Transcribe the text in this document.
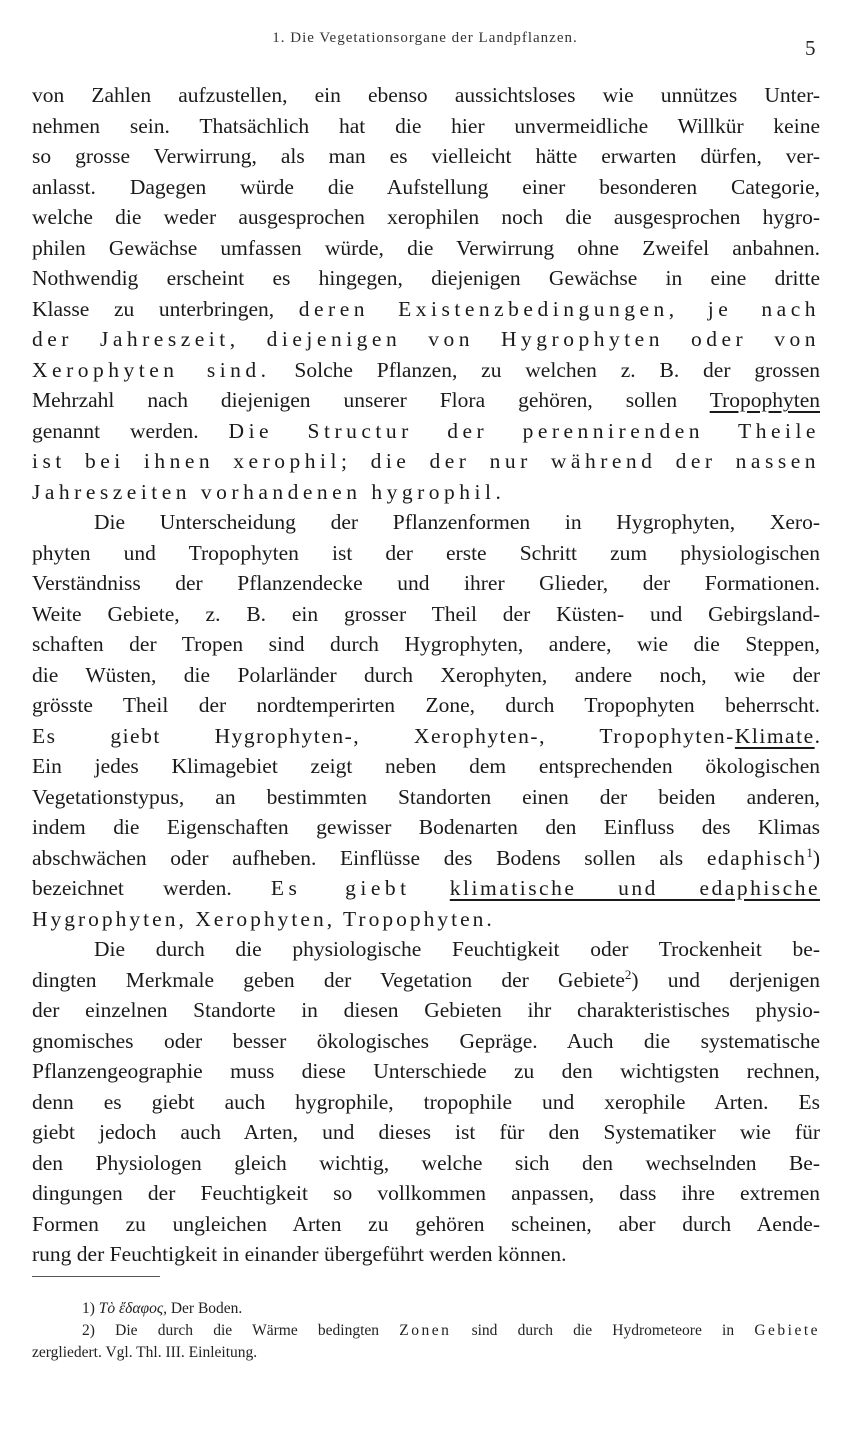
1. Die Vegetationsorgane der Landpflanzen.	5
von Zahlen aufzustellen, ein ebenso aussichtsloses wie unnützes Unter-
nehmen sein. Thatsächlich hat die hier unvermeidliche Willkür keine
so grosse Verwirrung, als man es vielleicht hätte erwarten dürfen, ver-
anlasst. Dagegen würde die Aufstellung einer besonderen Categorie,
welche die weder ausgesprochen xerophilen noch die ausgesprochen hygro-
philen Gewächse umfassen würde, die Verwirrung ohne Zweifel anbahnen.
Nothwendig erscheint es hingegen, diejenigen Gewächse in eine dritte
Klasse zu unterbringen, deren Existenzbedingungen, je nach
der Jahreszeit, diejenigen von Hygrophyten oder von
Xerophyten sind. Solche Pflanzen, zu welchen z. B. der grossen
Mehrzahl nach diejenigen unserer Flora gehören, sollen Tropophyten
genannt werden. Die Structur der perennirenden Theile
ist bei ihnen xerophil; die der nur während der nassen
Jahreszeiten vorhandenen hygrophil.
Die Unterscheidung der Pflanzenformen in Hygrophyten, Xero-
phyten und Tropophyten ist der erste Schritt zum physiologischen
Verständniss der Pflanzendecke und ihrer Glieder, der Formationen.
Weite Gebiete, z. B. ein grosser Theil der Küsten- und Gebirgsland-
schaften der Tropen sind durch Hygrophyten, andere, wie die Steppen,
die Wüsten, die Polarländer durch Xerophyten, andere noch, wie der
grösste Theil der nordtemperirten Zone, durch Tropophyten beherrscht.
Es giebt Hygrophyten-, Xerophyten-, Tropophyten-Klimate.
Ein jedes Klimagebiet zeigt neben dem entsprechenden ökologischen
Vegetationstypus, an bestimmten Standorten einen der beiden anderen,
indem die Eigenschaften gewisser Bodenarten den Einfluss des Klimas
abschwächen oder aufheben. Einflüsse des Bodens sollen als edaphisch$^1$)
bezeichnet werden. Es giebt klimatische und edaphische
Hygrophyten, Xerophyten, Tropophyten.
Die durch die physiologische Feuchtigkeit oder Trockenheit be-
dingten Merkmale geben der Vegetation der Gebiete$^2$) und derjenigen
der einzelnen Standorte in diesen Gebieten ihr charakteristisches physio-
gnomisches oder besser ökologisches Gepräge. Auch die systematische
Pflanzengeographie muss diese Unterschiede zu den wichtigsten rechnen,
denn es giebt auch hygrophile, tropophile und xerophile Arten. Es
giebt jedoch auch Arten, und dieses ist für den Systematiker wie für
den Physiologen gleich wichtig, welche sich den wechselnden Be-
dingungen der Feuchtigkeit so vollkommen anpassen, dass ihre extremen
Formen zu ungleichen Arten zu gehören scheinen, aber durch Aende-
rung der Feuchtigkeit in einander übergeführt werden können.
1) Τὸ ἔδαφος, Der Boden.
2) Die durch die Wärme bedingten Zonen sind durch die Hydrometeore in Gebiete
zergliedert. Vgl. Thl. III. Einleitung.
